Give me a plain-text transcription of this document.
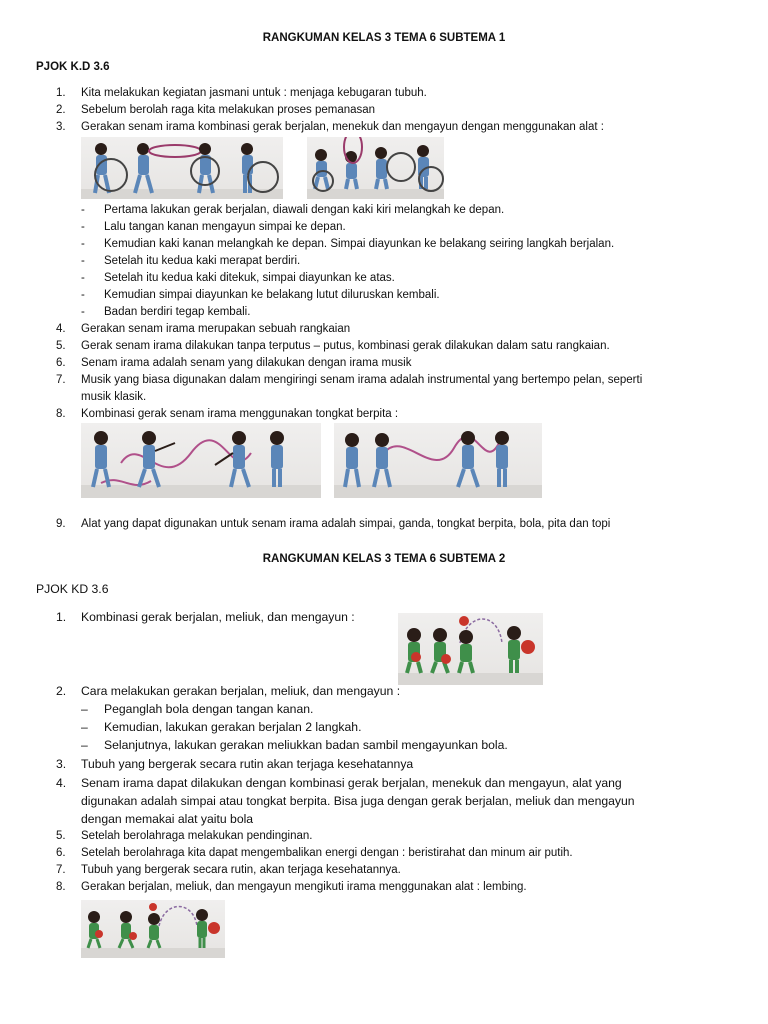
RANGKUMAN KELAS 3 TEMA 6 SUBTEMA 1
PJOK K.D 3.6
1. Kita melakukan kegiatan jasmani untuk : menjaga kebugaran tubuh.
2. Sebelum berolah raga kita melakukan proses pemanasan
3. Gerakan senam irama kombinasi gerak berjalan, menekuk dan mengayun dengan menggunakan alat :
- Pertama lakukan gerak berjalan, diawali dengan kaki kiri melangkah ke depan.
- Lalu tangan kanan mengayun simpai ke depan.
- Kemudian kaki kanan melangkah ke depan. Simpai diayunkan ke belakang seiring langkah berjalan.
- Setelah itu kedua kaki merapat berdiri.
- Setelah itu kedua kaki ditekuk, simpai diayunkan ke atas.
- Kemudian simpai diayunkan ke belakang lutut diluruskan kembali.
- Badan berdiri tegap kembali.
4. Gerakan senam irama merupakan sebuah rangkaian
5. Gerak senam irama dilakukan tanpa terputus – putus, kombinasi gerak dilakukan dalam satu rangkaian.
6. Senam irama adalah senam yang dilakukan dengan irama musik
7. Musik yang biasa digunakan dalam mengiringi senam irama adalah instrumental yang bertempo pelan, seperti
musik klasik.
8. Kombinasi gerak senam irama menggunakan tongkat berpita :
9. Alat yang dapat digunakan untuk senam irama adalah simpai, ganda, tongkat berpita, bola, pita dan topi
RANGKUMAN KELAS 3 TEMA 6 SUBTEMA 2
PJOK KD 3.6
1. Kombinasi gerak berjalan, meliuk, dan mengayun :
2. Cara melakukan gerakan berjalan, meliuk, dan mengayun :
– Peganglah bola dengan tangan kanan.
– Kemudian, lakukan gerakan berjalan 2 langkah.
– Selanjutnya, lakukan gerakan meliukkan badan sambil mengayunkan bola.
3. Tubuh yang bergerak secara rutin akan terjaga kesehatannya
4. Senam irama dapat dilakukan dengan kombinasi gerak berjalan, menekuk dan mengayun, alat yang
digunakan adalah simpai atau tongkat berpita. Bisa juga dengan gerak berjalan, meliuk dan mengayun
dengan memakai alat yaitu bola
5. Setelah berolahraga melakukan pendinginan.
6. Setelah berolahraga kita dapat mengembalikan energi dengan : beristirahat dan minum air putih.
7. Tubuh yang bergerak secara rutin, akan terjaga kesehatannya.
8. Gerakan berjalan, meliuk, dan mengayun mengikuti irama menggunakan alat : lembing.
